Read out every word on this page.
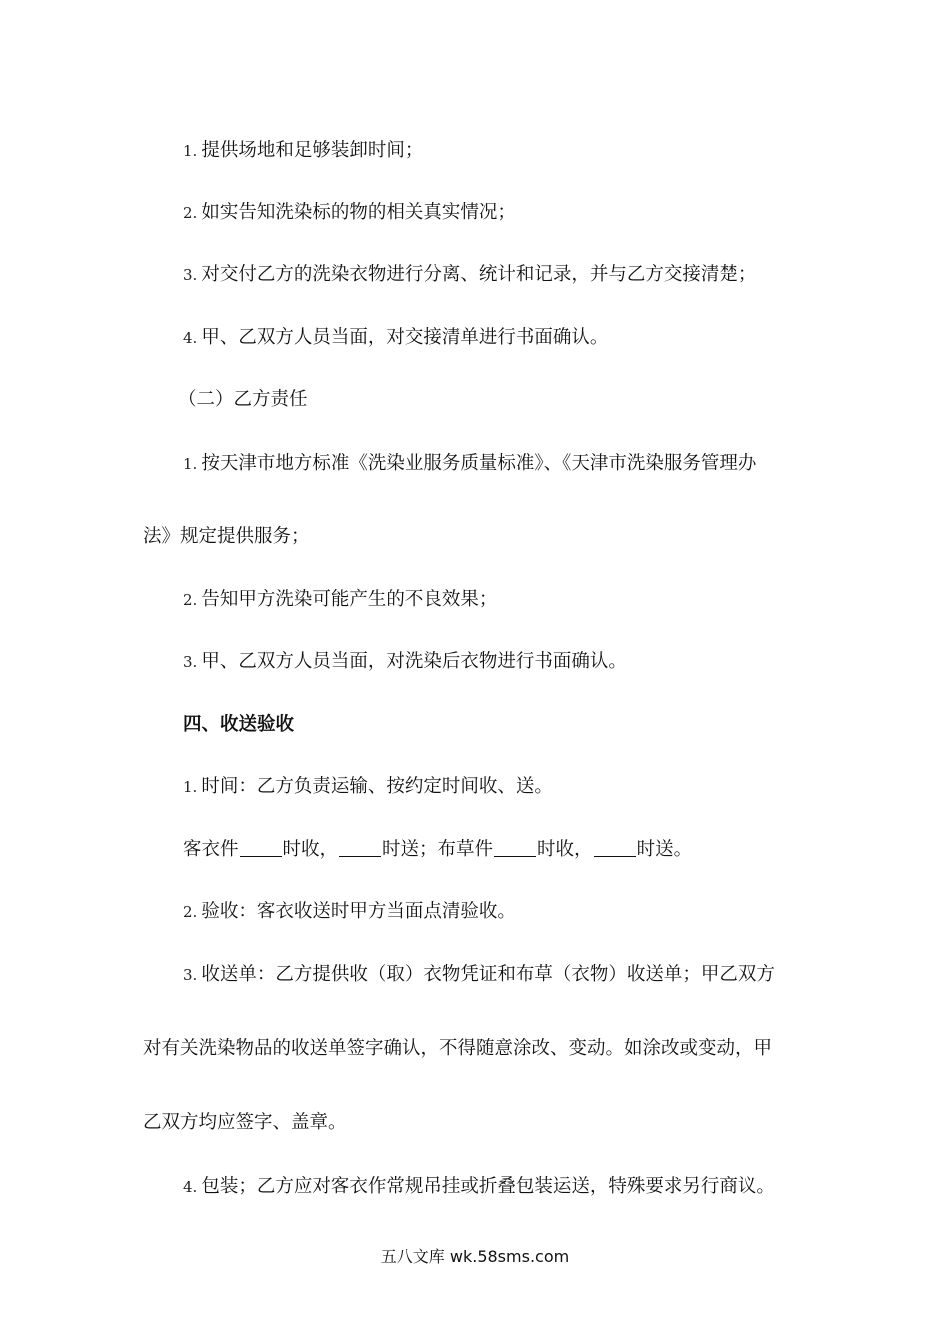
1. 提供场地和足够装卸时间；
2. 如实告知洗染标的物的相关真实情况；
3. 对交付乙方的洗染衣物进行分离、统计和记录，并与乙方交接清楚；
4. 甲、乙双方人员当面，对交接清单进行书面确认。
（二）乙方责任
1. 按天津市地方标准《洗染业服务质量标准》、《天津市洗染服务管理办
法》规定提供服务；
2. 告知甲方洗染可能产生的不良效果；
3. 甲、乙双方人员当面，对洗染后衣物进行书面确认。
四、收送验收
1. 时间：乙方负责运输、按约定时间收、送。
客衣件 时收， 时送；布草件 时收， 时送。
2. 验收：客衣收送时甲方当面点清验收。
3. 收送单：乙方提供收（取）衣物凭证和布草（衣物）收送单；甲乙双方
对有关洗染物品的收送单签字确认，不得随意涂改、变动。如涂改或变动，甲
乙双方均应签字、盖章。
4. 包装；乙方应对客衣作常规吊挂或折叠包装运送，特殊要求另行商议。
五八文库 wk.58sms.com
